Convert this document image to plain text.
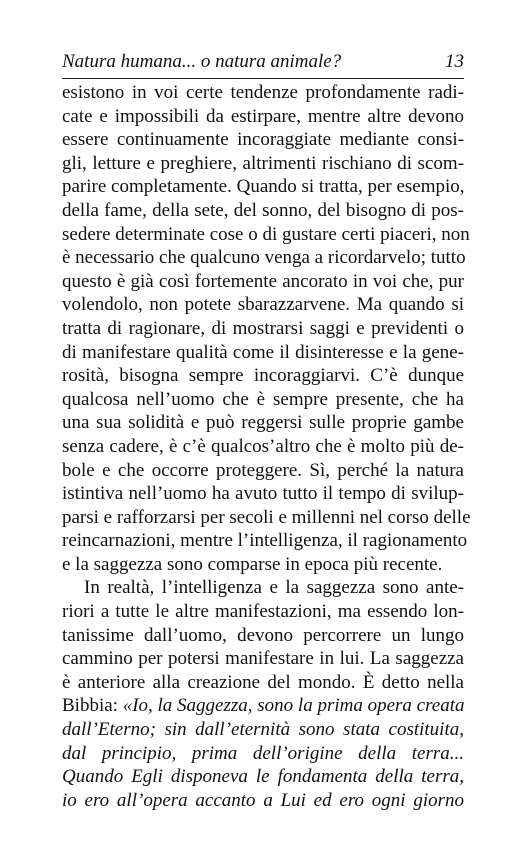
Natura humana... o natura animale?	13
esistono in voi certe tendenze profondamente radi-
cate e impossibili da estirpare, mentre altre devono
essere continuamente incoraggiate mediante consi-
gli, letture e preghiere, altrimenti rischiano di scom-
parire completamente. Quando si tratta, per esempio,
della fame, della sete, del sonno, del bisogno di pos-
sedere determinate cose o di gustare certi piaceri, non
è necessario che qualcuno venga a ricordarvelo; tutto
questo è già così fortemente ancorato in voi che, pur
volendolo, non potete sbarazzarvene. Ma quando si
tratta di ragionare, di mostrarsi saggi e previdenti o
di manifestare qualità come il disinteresse e la gene-
rosità, bisogna sempre incoraggiarvi. C’è dunque
qualcosa nell’uomo che è sempre presente, che ha
una sua solidità e può reggersi sulle proprie gambe
senza cadere, è c’è qualcos’altro che è molto più de-
bole e che occorre proteggere. Sì, perché la natura
istintiva nell’uomo ha avuto tutto il tempo di svilup-
parsi e rafforzarsi per secoli e millenni nel corso delle
reincarnazioni, mentre l’intelligenza, il ragionamento
e la saggezza sono comparse in epoca più recente.
In realtà, l’intelligenza e la saggezza sono ante-
riori a tutte le altre manifestazioni, ma essendo lon-
tanissime dall’uomo, devono percorrere un lungo
cammino per potersi manifestare in lui. La saggezza
è anteriore alla creazione del mondo. È detto nella
Bibbia: «Io, la Saggezza, sono la prima opera creata
dall’Eterno; sin dall’eternità sono stata costituita,
dal principio, prima dell’origine della terra...
Quando Egli disponeva le fondamenta della terra,
io ero all’opera accanto a Lui ed ero ogni giorno
